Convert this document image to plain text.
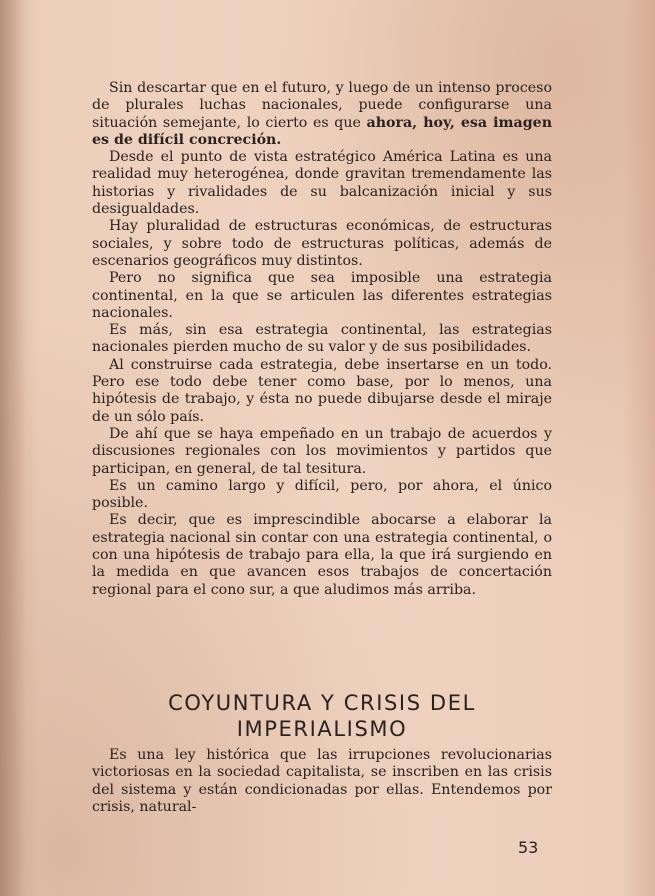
Sin descartar que en el futuro, y luego de un intenso proceso de plurales luchas nacionales, puede configurarse una situación semejante, lo cierto es que ahora, hoy, esa imagen es de difícil concreción.

Desde el punto de vista estratégico América Latina es una realidad muy heterogénea, donde gravitan tremendamente las historias y rivalidades de su balcanización inicial y sus desigualdades.

Hay pluralidad de estructuras económicas, de estructuras sociales, y sobre todo de estructuras políticas, además de escenarios geográficos muy distintos.

Pero no significa que sea imposible una estrategia continental, en la que se articulen las diferentes estrategias nacionales.

Es más, sin esa estrategia continental, las estrategias nacionales pierden mucho de su valor y de sus posibilidades.

Al construirse cada estrategia, debe insertarse en un todo. Pero ese todo debe tener como base, por lo menos, una hipótesis de trabajo, y ésta no puede dibujarse desde el miraje de un sólo país.

De ahí que se haya empeñado en un trabajo de acuerdos y discusiones regionales con los movimientos y partidos que participan, en general, de tal tesitura.

Es un camino largo y difícil, pero, por ahora, el único posible.

Es decir, que es imprescindible abocarse a elaborar la estrategia nacional sin contar con una estrategia continental, o con una hipótesis de trabajo para ella, la que irá surgiendo en la medida en que avancen esos trabajos de concertación regional para el cono sur, a que aludimos más arriba.

COYUNTURA Y CRISIS DEL
IMPERIALISMO

Es una ley histórica que las irrupciones revolucionarias victoriosas en la sociedad capitalista, se inscriben en las crisis del sistema y están condicionadas por ellas. Entendemos por crisis, natural-

53
